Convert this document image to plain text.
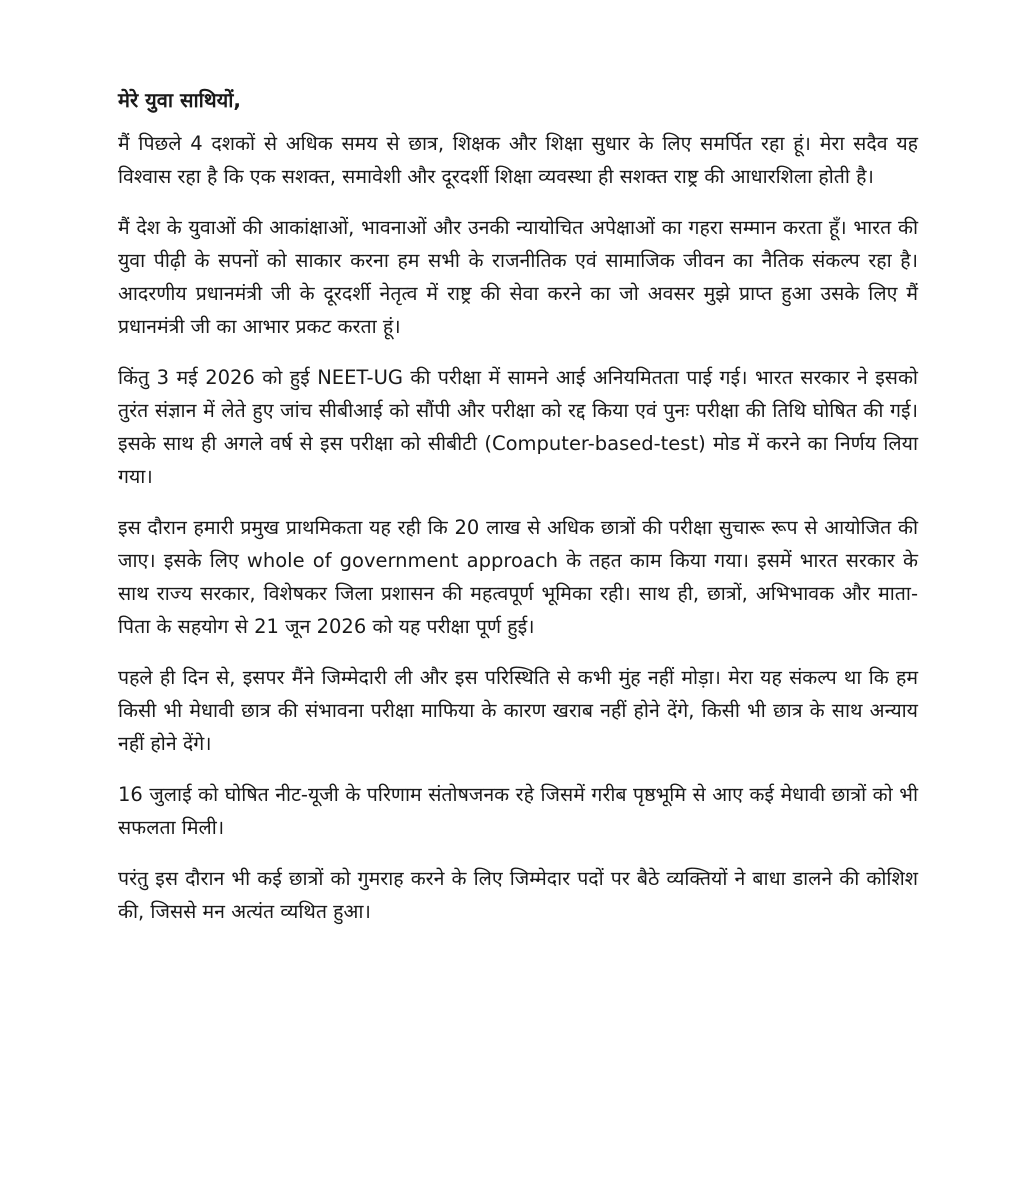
मेरे युवा साथियों,

मैं पिछले 4 दशकों से अधिक समय से छात्र, शिक्षक और शिक्षा सुधार के लिए समर्पित रहा हूं। मेरा सदैव यह विश्वास रहा है कि एक सशक्त, समावेशी और दूरदर्शी शिक्षा व्यवस्था ही सशक्त राष्ट्र की आधारशिला होती है।

मैं देश के युवाओं की आकांक्षाओं, भावनाओं और उनकी न्यायोचित अपेक्षाओं का गहरा सम्मान करता हूँ। भारत की युवा पीढ़ी के सपनों को साकार करना हम सभी के राजनीतिक एवं सामाजिक जीवन का नैतिक संकल्प रहा है। आदरणीय प्रधानमंत्री जी के दूरदर्शी नेतृत्व में राष्ट्र की सेवा करने का जो अवसर मुझे प्राप्त हुआ उसके लिए मैं प्रधानमंत्री जी का आभार प्रकट करता हूं।

किंतु 3 मई 2026 को हुई NEET-UG की परीक्षा में सामने आई अनियमितता पाई गई। भारत सरकार ने इसको तुरंत संज्ञान में लेते हुए जांच सीबीआई को सौंपी और परीक्षा को रद्द किया एवं पुनः परीक्षा की तिथि घोषित की गई। इसके साथ ही अगले वर्ष से इस परीक्षा को सीबीटी (Computer-based-test) मोड में करने का निर्णय लिया गया।

इस दौरान हमारी प्रमुख प्राथमिकता यह रही कि 20 लाख से अधिक छात्रों की परीक्षा सुचारू रूप से आयोजित की जाए। इसके लिए whole of government approach के तहत काम किया गया। इसमें भारत सरकार के साथ राज्य सरकार, विशेषकर जिला प्रशासन की महत्वपूर्ण भूमिका रही। साथ ही, छात्रों, अभिभावक और माता-पिता के सहयोग से 21 जून 2026 को यह परीक्षा पूर्ण हुई।

पहले ही दिन से, इसपर मैंने जिम्मेदारी ली और इस परिस्थिति से कभी मुंह नहीं मोड़ा। मेरा यह संकल्प था कि हम किसी भी मेधावी छात्र की संभावना परीक्षा माफिया के कारण खराब नहीं होने देंगे, किसी भी छात्र के साथ अन्याय नहीं होने देंगे।

16 जुलाई को घोषित नीट-यूजी के परिणाम संतोषजनक रहे जिसमें गरीब पृष्ठभूमि से आए कई मेधावी छात्रों को भी सफलता मिली।

परंतु इस दौरान भी कई छात्रों को गुमराह करने के लिए जिम्मेदार पदों पर बैठे व्यक्तियों ने बाधा डालने की कोशिश की, जिससे मन अत्यंत व्यथित हुआ।
